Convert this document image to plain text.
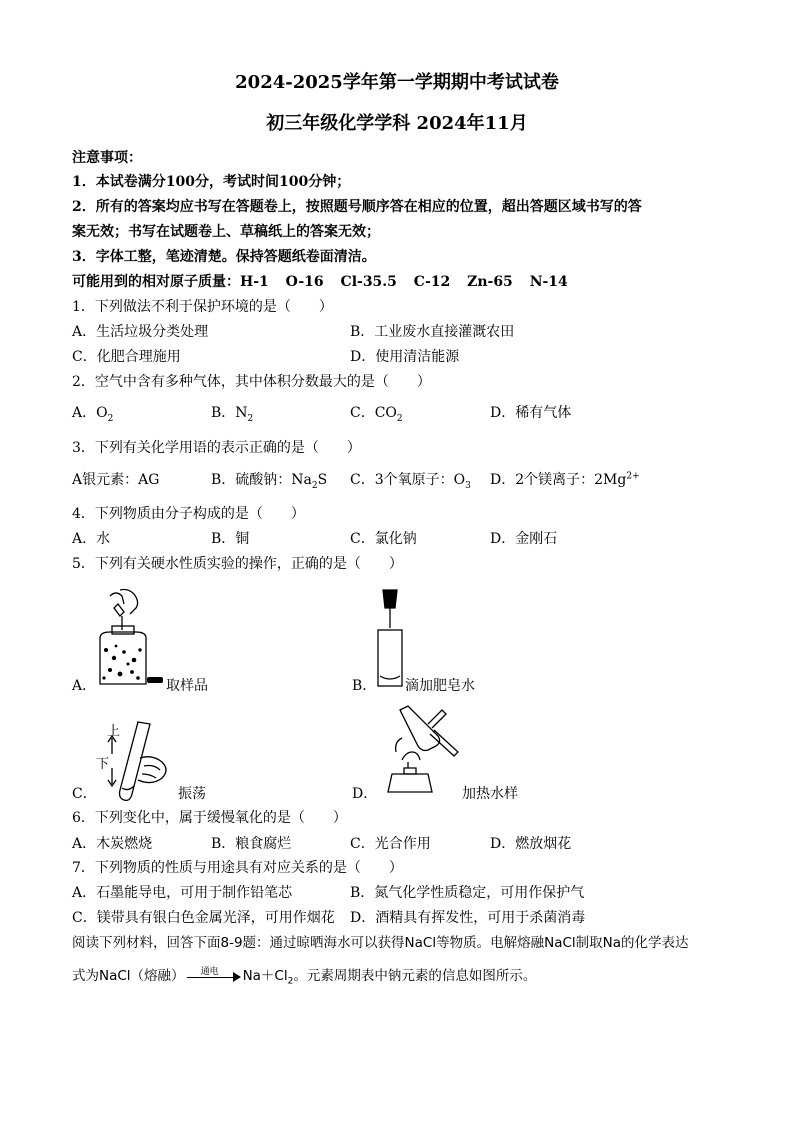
2024-2025学年第一学期期中考试试卷
初三年级化学学科 2024年11月
注意事项：
1．本试卷满分100分，考试时间100分钟；
2．所有的答案均应书写在答题卷上，按照题号顺序答在相应的位置，超出答题区域书写的答
案无效；书写在试题卷上、草稿纸上的答案无效；
3．字体工整，笔迹清楚。保持答题纸卷面清洁。
可能用到的相对原子质量：H-1 O-16 Cl-35.5 C-12 Zn-65 N-14
1．下列做法不利于保护环境的是（　　）
A．生活垃圾分类处理	B．工业废水直接灌溉农田
C．化肥合理施用	D．使用清洁能源
2．空气中含有多种气体，其中体积分数最大的是（　　）
A．$O_2$	B．$N_2$	C．$CO_2$	D．稀有气体
3．下列有关化学用语的表示正确的是（　　）
A银元素：AG	B．硫酸钠：$Na_2S$ C．3个氧原子：$O_3$ D．2个镁离子：$2Mg^{2+}$
4．下列物质由分子构成的是（　　）
A．水	B．铜	C．氯化钠	D．金刚石
5．下列有关硬水性质实验的操作，正确的是（　　）
A．	取样品	B． 滴加肥皂水
上
下
C．	振荡	D．	加热水样
6．下列变化中，属于缓慢氧化的是（　　）
A．木炭燃烧	B．粮食腐烂	C．光合作用	D．燃放烟花
7．下列物质的性质与用途具有对应关系的是（　　）
A．石墨能导电，可用于制作铅笔芯	B．氮气化学性质稳定，可用作保护气
C．镁带具有银白色金属光泽，可用作烟花 D．酒精具有挥发性，可用于杀菌消毒
阅读下列材料，回答下面8-9题：通过晾晒海水可以获得NaCl等物质。电解熔融NaCl制取Na的化学表达
式为NaCl（熔融） 通电 $Na+Cl_2$。元素周期表中钠元素的信息如图所示。
